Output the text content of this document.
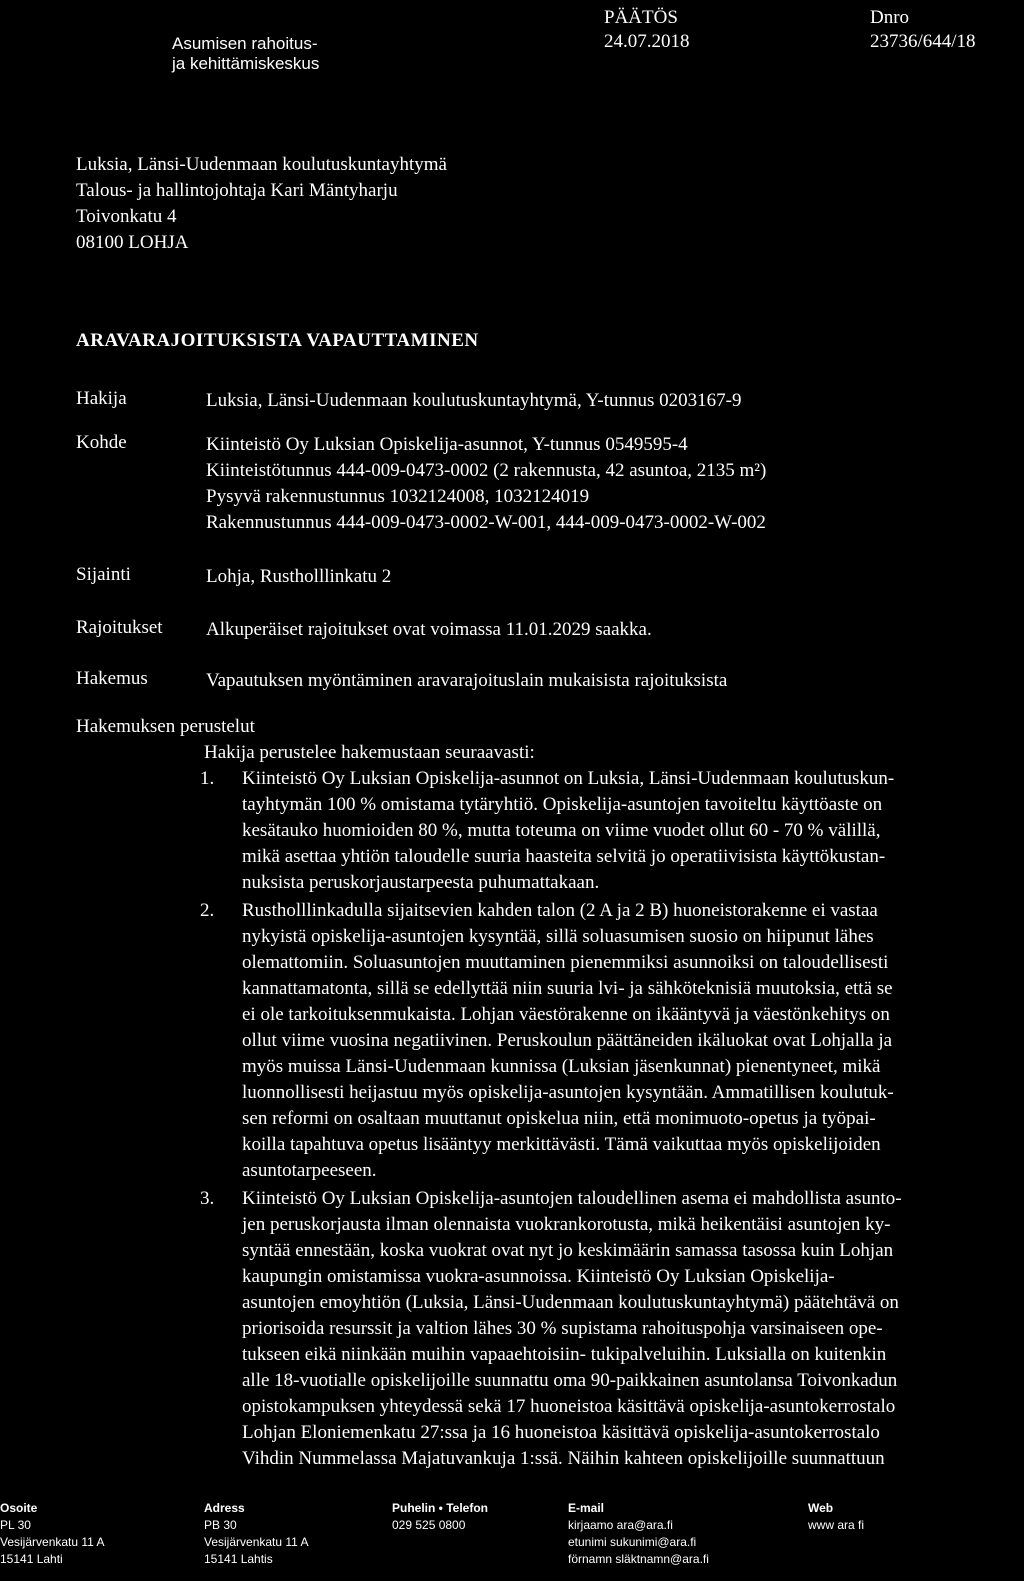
Asumisen rahoitus-
ja kehittämiskeskus
PÄÄTÖS
24.07.2018
Dnro
23736/644/18
Luksia, Länsi-Uudenmaan koulutuskuntayhtymä
Talous- ja hallintojohtaja Kari Mäntyharju
Toivonkatu 4
08100 LOHJA
ARAVARAJOITUKSISTA VAPAUTTAMINEN
Hakija	Luksia, Länsi-Uudenmaan koulutuskuntayhtymä, Y-tunnus 0203167-9
Kohde	Kiinteistö Oy Luksian Opiskelija-asunnot, Y-tunnus 0549595-4
Kiinteistötunnus 444-009-0473-0002 (2 rakennusta, 42 asuntoa, 2135 m²)
Pysyvä rakennustunnus 1032124008, 1032124019
Rakennustunnus 444-009-0473-0002-W-001, 444-009-0473-0002-W-002
Sijainti	Lohja, Rustholllinkatu 2
Rajoitukset Alkuperäiset rajoitukset ovat voimassa 11.01.2029 saakka.
Hakemus	Vapautuksen myöntäminen aravarajoituslain mukaisista rajoituksista
Hakemuksen perustelut
Hakija perustelee hakemustaan seuraavasti:
1. Kiinteistö Oy Luksian Opiskelija-asunnot on Luksia, Länsi-Uudenmaan koulutuskun-
tayhtymän 100 % omistama tytäryhtiö. Opiskelija-asuntojen tavoiteltu käyttöaste on
kesätauko huomioiden 80 %, mutta toteuma on viime vuodet ollut 60 - 70 % välillä,
mikä asettaa yhtiön taloudelle suuria haasteita selvitä jo operatiivisista käyttökustan-
nuksista peruskorjaustarpeesta puhumattakaan.
2. Rustholllinkadulla sijaitsevien kahden talon (2 A ja 2 B) huoneistorakenne ei vastaa
nykyistä opiskelija-asuntojen kysyntää, sillä soluasumisen suosio on hiipunut lähes
olemattomiin. Soluasuntojen muuttaminen pienemmiksi asunnoiksi on taloudellisesti
kannattamatonta, sillä se edellyttää niin suuria lvi- ja sähköteknisiä muutoksia, että se
ei ole tarkoituksenmukaista. Lohjan väestörakenne on ikääntyvä ja väestönkehitys on
ollut viime vuosina negatiivinen. Peruskoulun päättäneiden ikäluokat ovat Lohjalla ja
myös muissa Länsi-Uudenmaan kunnissa (Luksian jäsenkunnat) pienentyneet, mikä
luonnollisesti heijastuu myös opiskelija-asuntojen kysyntään. Ammatillisen koulutuk-
sen reformi on osaltaan muuttanut opiskelua niin, että monimuoto-opetus ja työpai-
koilla tapahtuva opetus lisääntyy merkittävästi. Tämä vaikuttaa myös opiskelijoiden
asuntotarpeeseen.
3. Kiinteistö Oy Luksian Opiskelija-asuntojen taloudellinen asema ei mahdollista asunto-
jen peruskorjausta ilman olennaista vuokrankorotusta, mikä heikentäisi asuntojen ky-
syntää ennestään, koska vuokrat ovat nyt jo keskimäärin samassa tasossa kuin Lohjan
kaupungin omistamissa vuokra-asunnoissa. Kiinteistö Oy Luksian Opiskelija-
asuntojen emoyhtiön (Luksia, Länsi-Uudenmaan koulutuskuntayhtymä) päätehtävä on
priorisoida resurssit ja valtion lähes 30 % supistama rahoituspohja varsinaiseen ope-
tukseen eikä niinkään muihin vapaaehtoisiin- tukipalveluihin. Luksialla on kuitenkin
alle 18-vuotialle opiskelijoille suunnattu oma 90-paikkainen asuntolansa Toivonkadun
opistokampuksen yhteydessä sekä 17 huoneistoa käsittävä opiskelija-asuntokerrostalo
Lohjan Eloniemenkatu 27:ssa ja 16 huoneistoa käsittävä opiskelija-asuntokerrostalo
Vihdin Nummelassa Majatuvankuja 1:ssä. Näihin kahteen opiskelijoille suunnattuun
Osoite
PL 30
Vesijärvenkatu 11 A
15141 Lahti
Adress
PB 30
Vesijärvenkatu 11 A
15141 Lahtis
Puhelin • Telefon
029 525 0800
E-mail
kirjaamo ara@ara.fi
etunimi sukunimi@ara.fi
förnamn släktnamn@ara.fi
Web
www ara fi
